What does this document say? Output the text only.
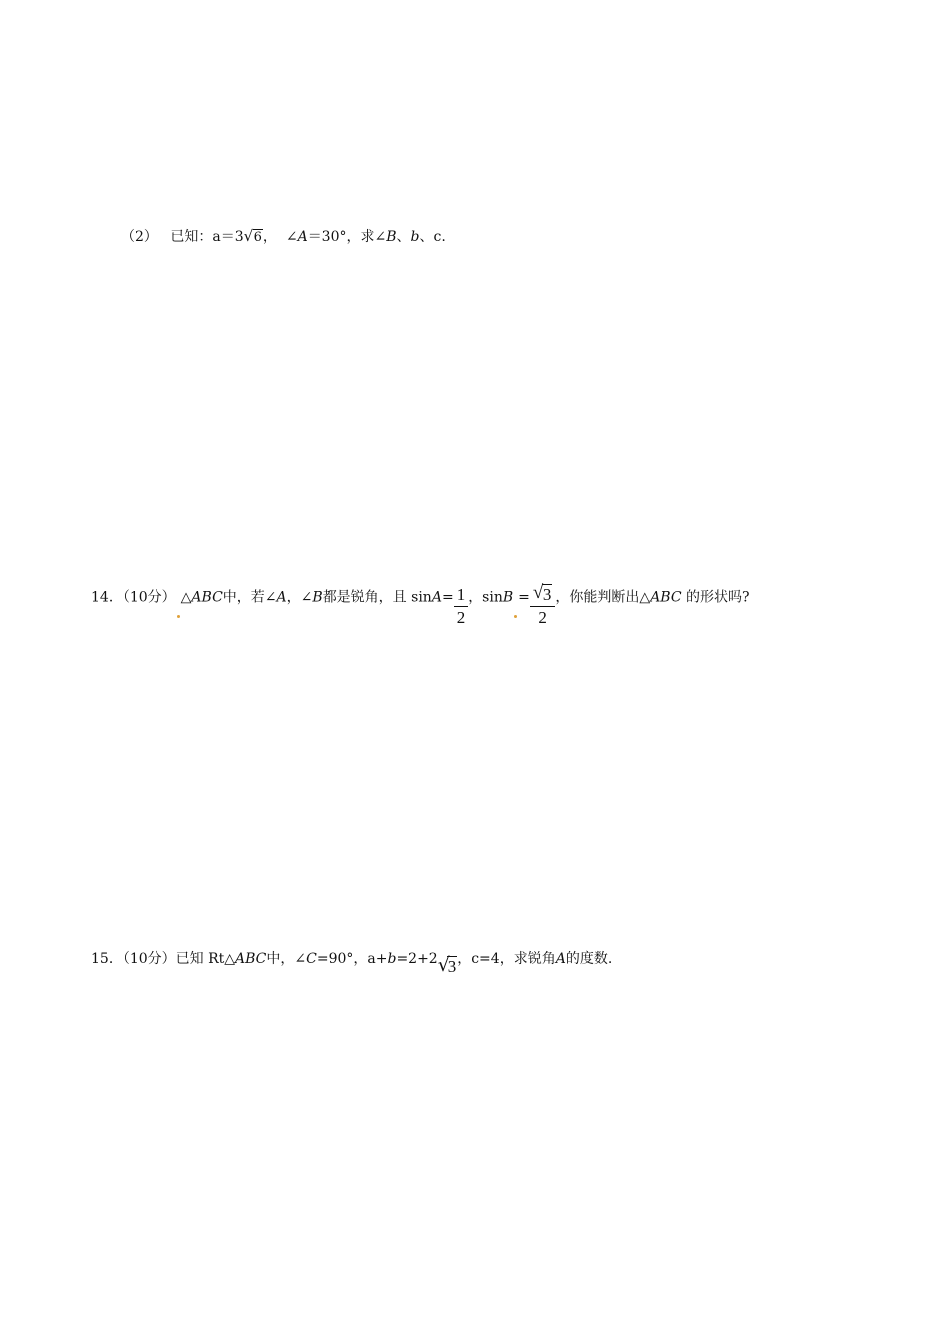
（2） 已知：a＝3 √ 6， ∠A＝30°，求∠B、b、c.
14．（10分） △ABC中，若∠A，∠B都是锐角，且 $\sin A= \frac{1}{2}$ ，$\sin B = \frac{√ 3}{2}$ ，你能判断出△ABC 的形状吗?
15．（10分）已知 Rt△ABC中，∠C=90°，a+b=2+2 √
3，c=4，求锐角A的度数.
